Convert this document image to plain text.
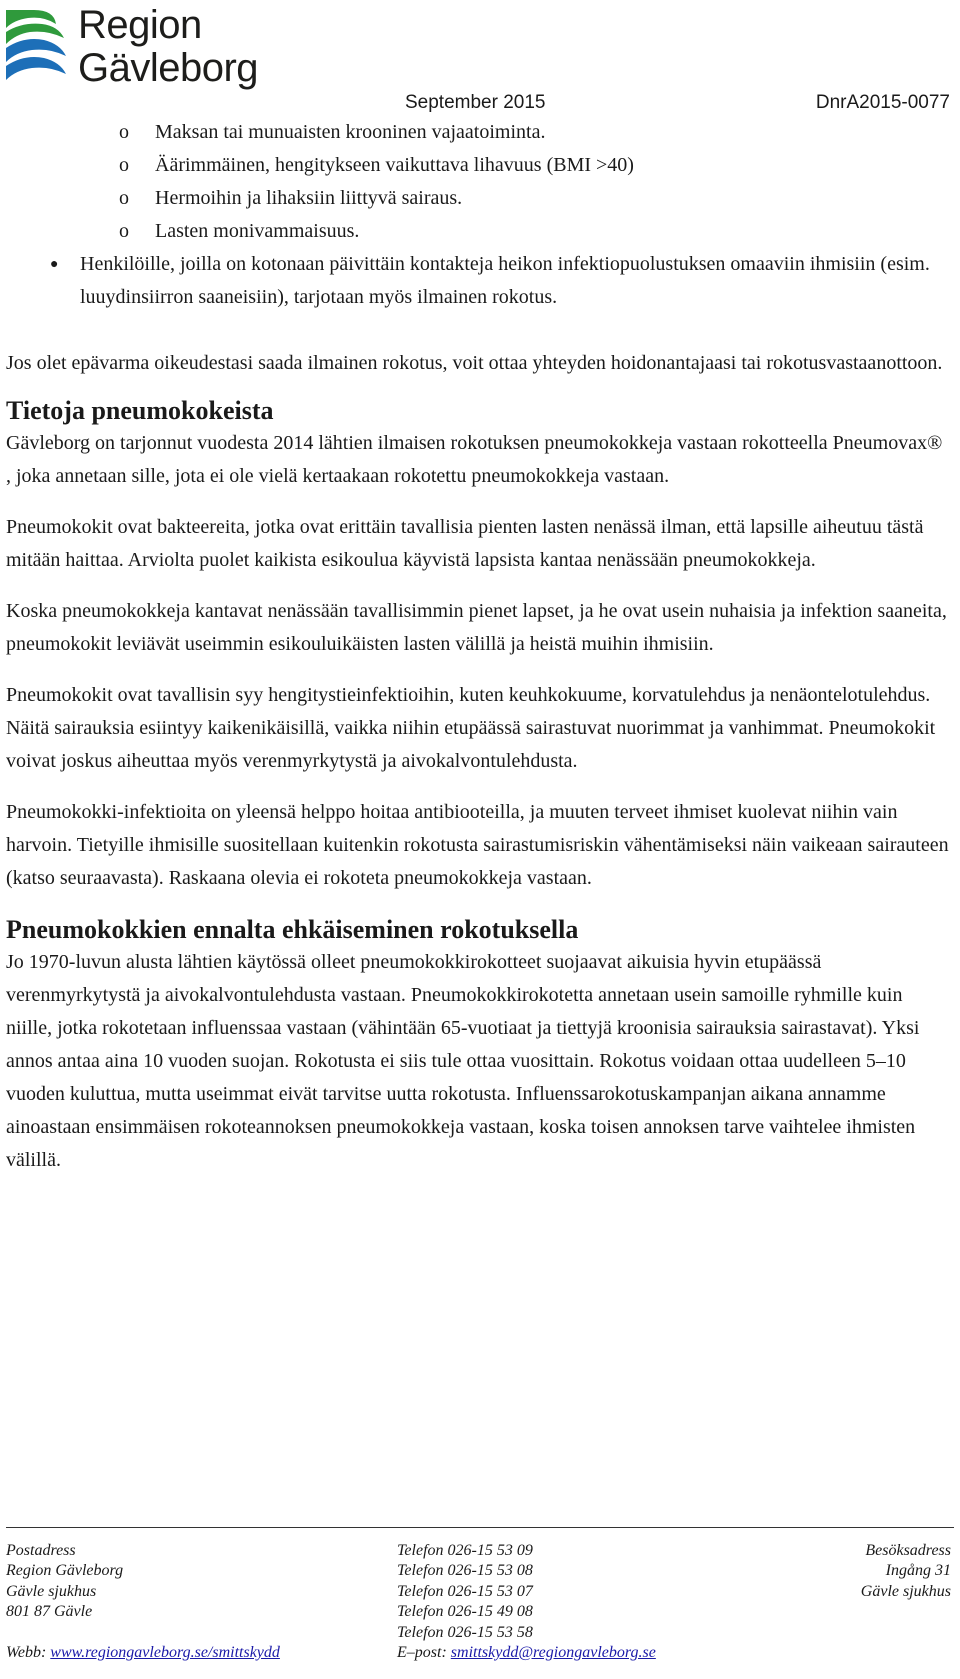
Region
Gävleborg
September 2015	DnrA2015-0077
o Maksan tai munuaisten krooninen vajaatoiminta.
o Äärimmäinen, hengitykseen vaikuttava lihavuus (BMI >40)
o Hermoihin ja lihaksiin liittyvä sairaus.
o Lasten monivammaisuus.
● Henkilöille, joilla on kotonaan päivittäin kontakteja heikon infektiopuolustuksen omaaviin ihmisiin (esim. luuydinsiirron saaneisiin), tarjotaan myös ilmainen rokotus.

Jos olet epävarma oikeudestasi saada ilmainen rokotus, voit ottaa yhteyden hoidonantajaasi tai rokotusvastaanottoon.

Tietoja pneumokokeista

Gävleborg on tarjonnut vuodesta 2014 lähtien ilmaisen rokotuksen pneumokokkeja vastaan rokotteella Pneumovax® , joka annetaan sille, jota ei ole vielä kertaakaan rokotettu pneumokokkeja vastaan.

Pneumokokit ovat bakteereita, jotka ovat erittäin tavallisia pienten lasten nenässä ilman, että lapsille aiheutuu tästä mitään haittaa. Arviolta puolet kaikista esikoulua käyvistä lapsista kantaa nenässään pneumokokkeja.

Koska pneumokokkeja kantavat nenässään tavallisimmin pienet lapset, ja he ovat usein nuhaisia ja infektion saaneita, pneumokokit leviävät useimmin esikouluikäisten lasten välillä ja heistä muihin ihmisiin.

Pneumokokit ovat tavallisin syy hengitystieinfektioihin, kuten keuhkokuume, korvatulehdus ja nenäontelotulehdus. Näitä sairauksia esiintyy kaikenikäisillä, vaikka niihin etupäässä sairastuvat nuorimmat ja vanhimmat. Pneumokokit voivat joskus aiheuttaa myös verenmyrkytystä ja aivokalvontulehdusta.

Pneumokokki-infektioita on yleensä helppo hoitaa antibiooteilla, ja muuten terveet ihmiset kuolevat niihin vain harvoin. Tietyille ihmisille suositellaan kuitenkin rokotusta sairastumisriskin vähentämiseksi näin vaikeaan sairauteen (katso seuraavasta). Raskaana olevia ei rokoteta pneumokokkeja vastaan.

Pneumokokkien ennalta ehkäiseminen rokotuksella

Jo 1970-luvun alusta lähtien käytössä olleet pneumokokkirokotteet suojaavat aikuisia hyvin etupäässä verenmyrkytystä ja aivokalvontulehdusta vastaan. Pneumokokkirokotetta annetaan usein samoille ryhmille kuin niille, jotka rokotetaan influenssaa vastaan (vähintään 65-vuotiaat ja tiettyjä kroonisia sairauksia sairastavat). Yksi annos antaa aina 10 vuoden suojan. Rokotusta ei siis tule ottaa vuosittain. Rokotus voidaan ottaa uudelleen 5–10 vuoden kuluttua, mutta useimmat eivät tarvitse uutta rokotusta. Influenssarokotuskampanjan aikana annamme ainoastaan ensimmäisen rokoteannoksen pneumokokkeja vastaan, koska toisen annoksen tarve vaihtelee ihmisten välillä.

Postadress
Region Gävleborg
Gävle sjukhus
801 87 Gävle
Webb: www.regiongavleborg.se/smittskydd
Telefon 026-15 53 09
Telefon 026-15 53 08
Telefon 026-15 53 07
Telefon 026-15 49 08
Telefon 026-15 53 58
E–post: smittskydd@regiongavleborg.se
Besöksadress
Ingång 31
Gävle sjukhus
